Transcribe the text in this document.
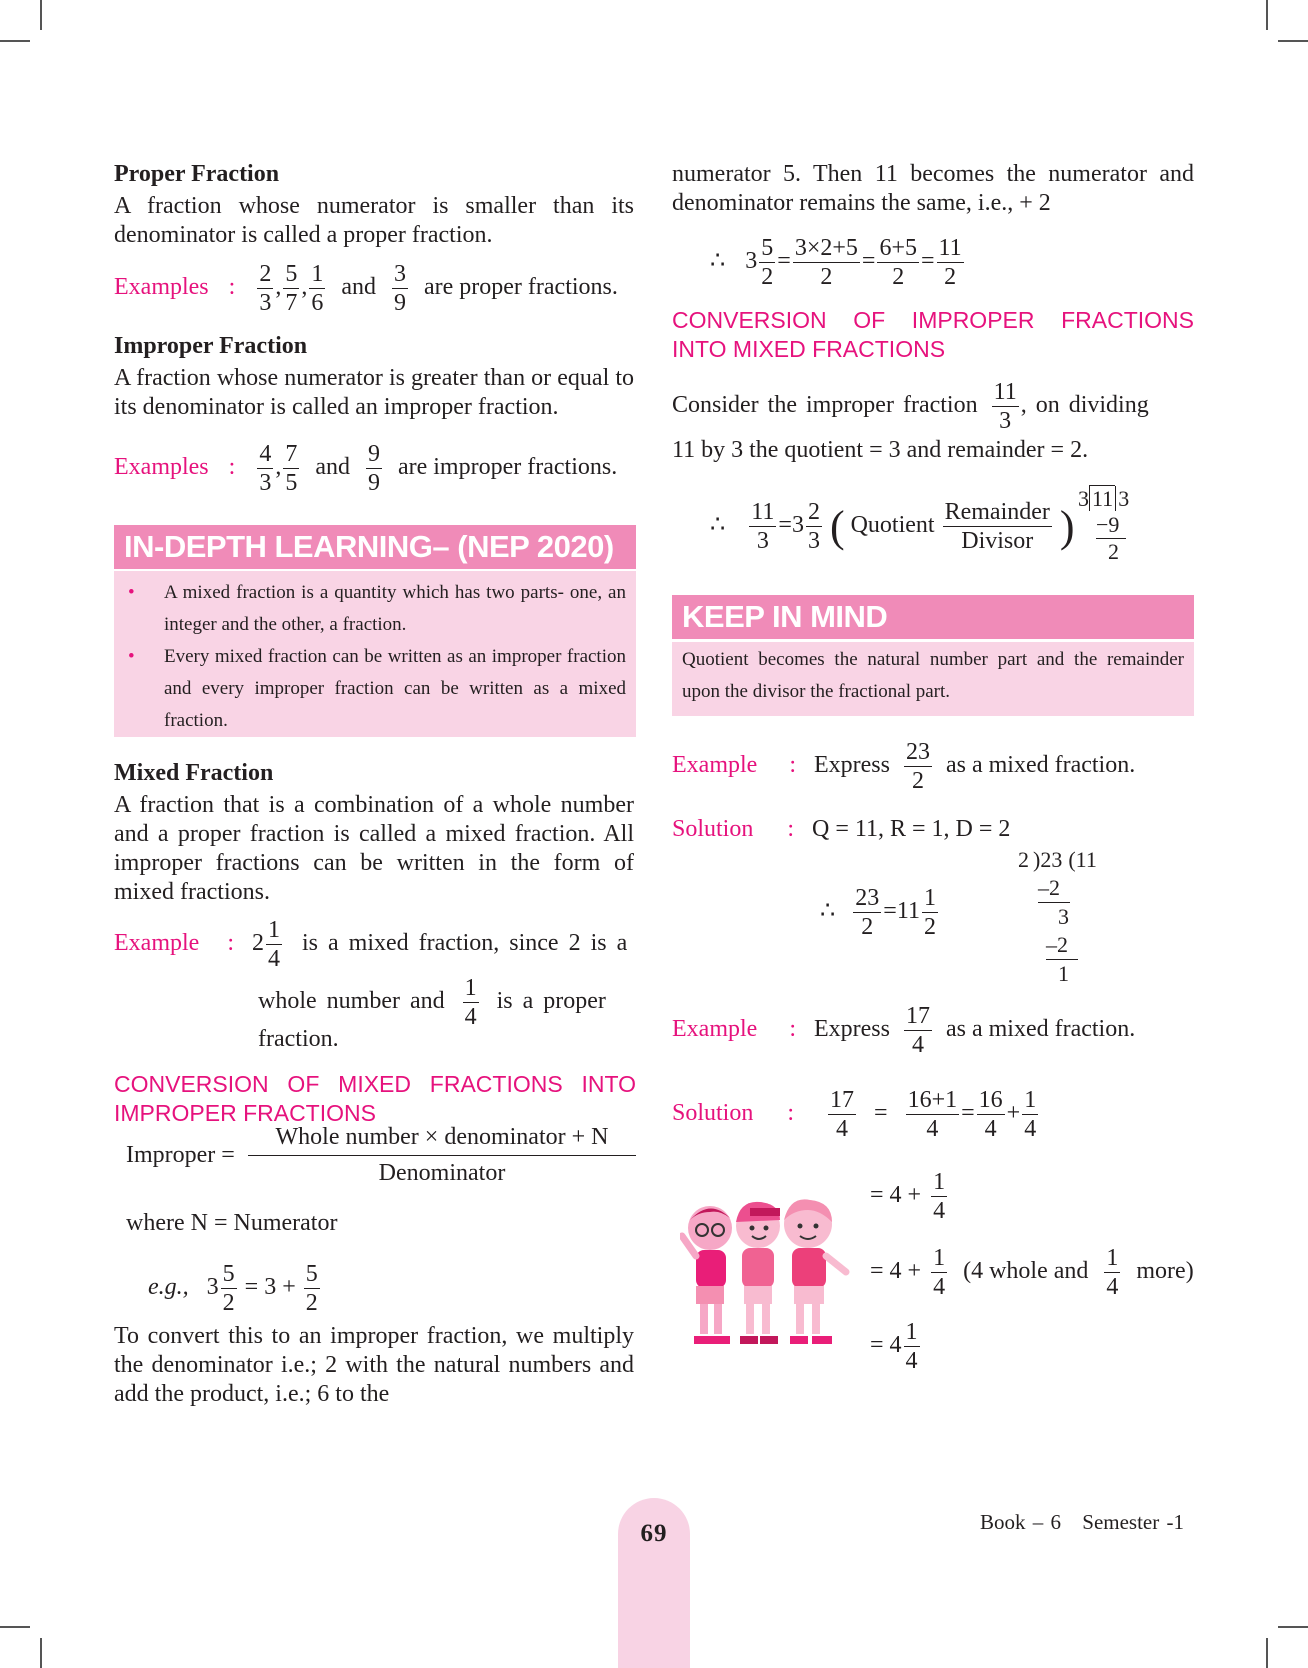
Proper Fraction
A fraction whose numerator is smaller than its denominator is called a proper fraction.
Examples : $\frac{2}{3}$ , $\frac{5}{7}$ , $\frac{1}{6}$ and $\frac{3}{9}$ are proper fractions.
Improper Fraction
A fraction whose numerator is greater than or equal to its denominator is called an improper fraction.
Examples : $\frac{4}{3}$ , $\frac{7}{5}$ and $\frac{9}{9}$ are improper fractions.
IN-DEPTH LEARNING– (NEP 2020)
•	A mixed fraction is a quantity which has two parts- one, an integer and the other, a fraction.
•	Every mixed fraction can be written as an improper fraction and every improper fraction can be written as a mixed fraction.
Mixed Fraction
A fraction that is a combination of a whole number and a proper fraction is called a mixed fraction. All improper fractions can be written in the form of mixed fractions.
Example : $2 \frac{1}{4}$ is a mixed fraction, since 2 is a
whole number and $\frac{1}{4}$ is a proper
fraction.
CONVERSION OF MIXED FRACTIONS INTO IMPROPER FRACTIONS
Improper =
Whole number × denominator + N
Denominator
where N = Numerator
e.g., $3 \frac{5}{2} = 3 + \frac{5}{2}$
To convert this to an improper fraction, we multiply the denominator i.e.; 2 with the natural numbers and add the product, i.e.; 6 to the
numerator 5. Then 11 becomes the numerator and denominator remains the same, i.e., + 2
∴ $3 \frac{5}{2} = \frac{3\times 2+5}{2} = \frac{6+5}{2} = \frac{11}{2}$
CONVERSION OF IMPROPER FRACTIONS INTO MIXED FRACTIONS
Consider the improper fraction $\frac{11}{3}$ , on dividing
11 by 3 the quotient = 3 and remainder = 2.
∴ $\frac{11}{3} =3 \frac{2}{3}$ ( Quotient $\frac{\text{Remainder}}{\text{Divisor}}$ )
3 11 3
−9
2
KEEP IN MIND
Quotient becomes the natural number part and the remainder upon the divisor the fractional part.
Example : Express $\frac{23}{2}$ as a mixed fraction.
Solution : Q = 11, R = 1, D = 2
∴ $\frac{23}{2} =11 \frac{1}{2}$
2 )23 (11
–2
3
–2
1
Example : Express $\frac{17}{4}$ as a mixed fraction.
Solution : $\frac{17}{4} = \frac{16+1}{4} = \frac{16}{4} + \frac{1}{4}$
= $4 + \frac{1}{4}$
= $4 + \frac{1}{4} (4$ whole and $\frac{1}{4}$ more)
= $4 \frac{1}{4}$
69	Book – 6 Semester -1
